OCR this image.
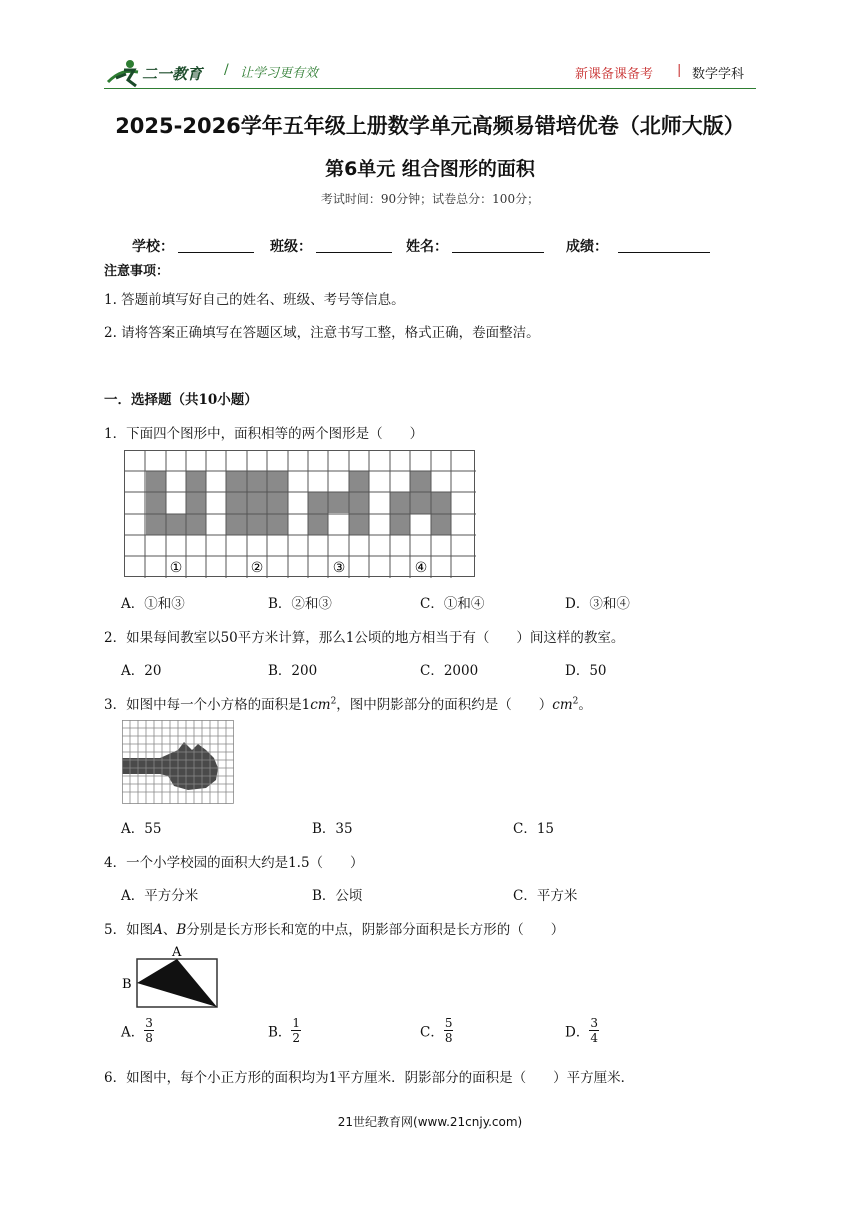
二一教育 / 让学习更有效	新课备课备考 | 数学学科
2025-2026学年五年级上册数学单元高频易错培优卷（北师大版）
第6单元 组合图形的面积
考试时间：90分钟；试卷总分：100分；
学校：	班级：	姓名：	成绩：
注意事项：
1. 答题前填写好自己的姓名、班级、考号等信息。
2. 请将答案正确填写在答题区域，注意书写工整，格式正确，卷面整洁。
一．选择题（共10小题）
1．下面四个图形中，面积相等的两个图形是（　　）
①	②	③	④
A．①和③	B．②和③	C．①和④	D．③和④
2．如果每间教室以50平方米计算，那么1公顷的地方相当于有（　　）间这样的教室。
A．20	B．200	C．2000	D．50
3．如图中每一个小方格的面积是$1cm^2$，图中阴影部分的面积约是（　　）$cm^2$。
A．55	B．35	C．15
4．一个小学校园的面积大约是1.5（　　）
A．平方分米	B．公顷	C．平方米
5．如图A、B分别是长方形长和宽的中点，阴影部分面积是长方形的（　　）
A
B
A． $\frac{3}{8}$	B． $\frac{1}{2}$	C． $\frac{5}{8}$	D． $\frac{3}{4}$
6．如图中，每个小正方形的面积均为1平方厘米．阴影部分的面积是（　　）平方厘米．
21世纪教育网(www.21cnjy.com)
